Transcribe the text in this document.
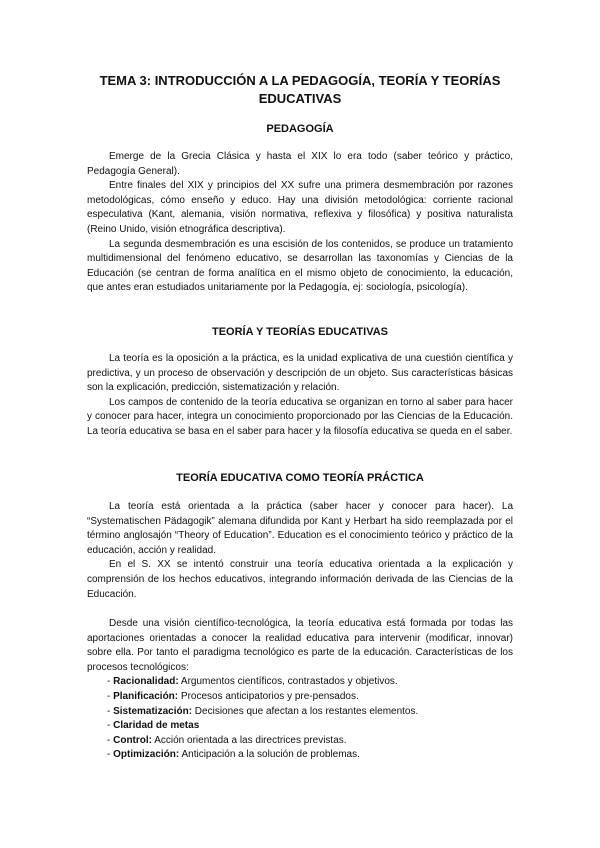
TEMA 3: INTRODUCCIÓN A LA PEDAGOGÍA, TEORÍA Y TEORÍAS EDUCATIVAS
PEDAGOGÍA

Emerge de la Grecia Clásica y hasta el XIX lo era todo (saber teórico y práctico, Pedagogía General).

Entre finales del XIX y principios del XX sufre una primera desmembración por razones metodológicas, cómo enseño y educo. Hay una división metodológica: corriente racional especulativa (Kant, alemania, visión normativa, reflexiva y filosófica) y positiva naturalista (Reino Unido, visión etnográfica descriptiva).

La segunda desmembración es una escisión de los contenidos, se produce un tratamiento multidimensional del fenómeno educativo, se desarrollan las taxonomías y Ciencias de la Educación (se centran de forma analítica en el mismo objeto de conocimiento, la educación, que antes eran estudiados unitariamente por la Pedagogía, ej: sociología, psicología).

TEORÍA Y TEORÍAS EDUCATIVAS

La teoría es la oposición a la práctica, es la unidad explicativa de una cuestión científica y predictiva, y un proceso de observación y descripción de un objeto. Sus características básicas son la explicación, predicción, sistematización y relación.

Los campos de contenido de la teoría educativa se organizan en torno al saber para hacer y conocer para hacer, integra un conocimiento proporcionado por las Ciencias de la Educación. La teoría educativa se basa en el saber para hacer y la filosofía educativa se queda en el saber.

TEORÍA EDUCATIVA COMO TEORÍA PRÁCTICA

La teoría está orientada a la práctica (saber hacer y conocer para hacer). La “Systematischen Pädagogik” alemana difundida por Kant y Herbart ha sido reemplazada por el término anglosajón “Theory of Education”. Education es el conocimiento teórico y práctico de la educación, acción y realidad.

En el S. XX se intentó construir una teoría educativa orientada a la explicación y comprensión de los hechos educativos, integrando información derivada de las Ciencias de la Educación.

Desde una visión científico-tecnológica, la teoría educativa está formada por todas las aportaciones orientadas a conocer la realidad educativa para intervenir (modificar, innovar) sobre ella. Por tanto el paradigma tecnológico es parte de la educación. Características de los procesos tecnológicos:

- Racionalidad: Argumentos científicos, contrastados y objetivos.
- Planificación: Procesos anticipatorios y pre-pensados.
- Sistematización: Decisiones que afectan a los restantes elementos.
- Claridad de metas
- Control: Acción orientada a las directrices previstas.
- Optimización: Anticipación a la solución de problemas.
